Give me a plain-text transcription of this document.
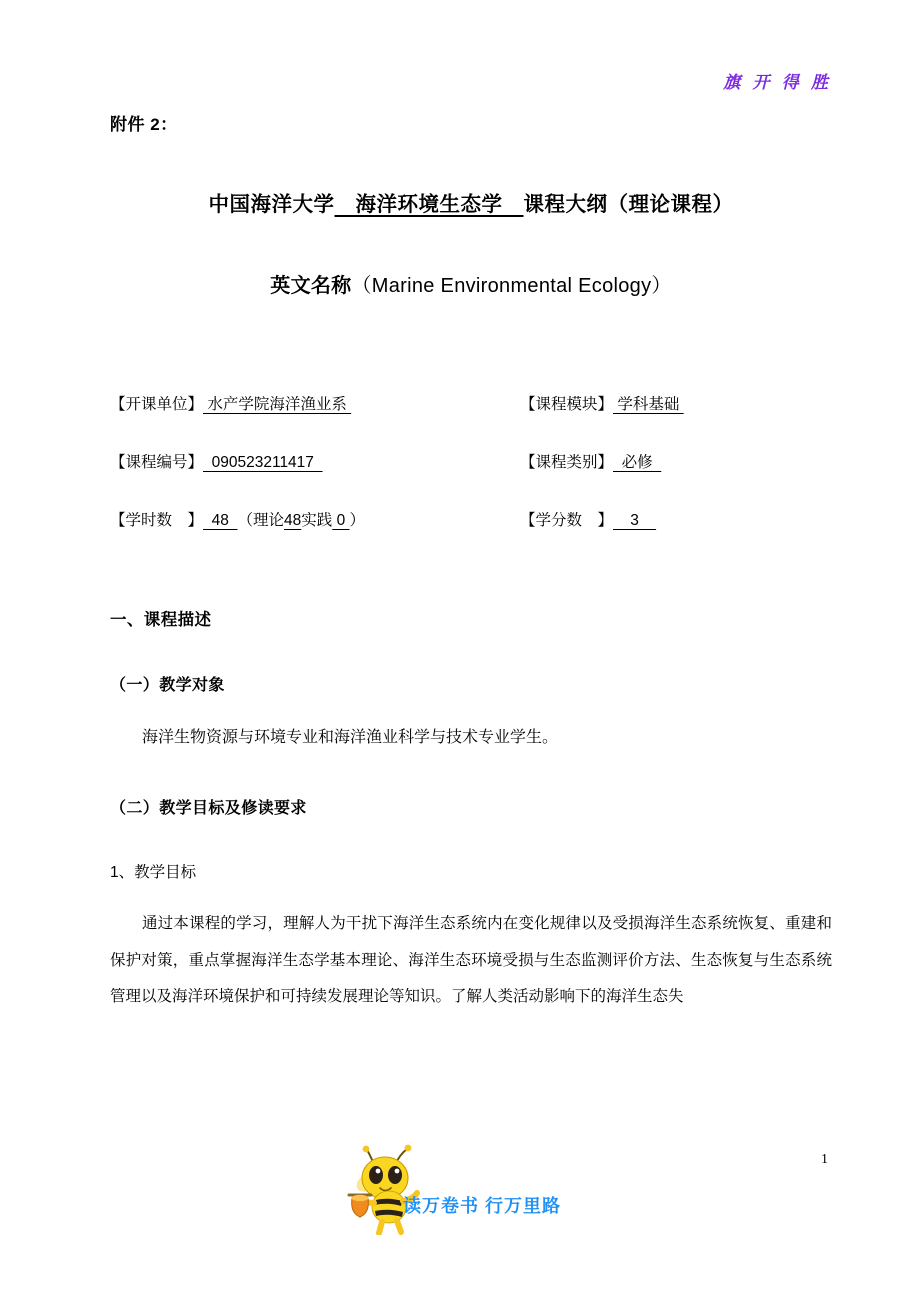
旗 开 得 胜
附件 2：
中国海洋大学　海洋环境生态学　课程大纲（理论课程）
英文名称（Marine Environmental Ecology）
【开课单位】 水产学院海洋渔业系	【课程模块】 学科基础
【课程编号】 090523211417	【课程类别】 必修
【学时数　】 48 （理论 48 实践 0 ）	【学分数　】 3
一、课程描述
（一）教学对象

海洋生物资源与环境专业和海洋渔业科学与技术专业学生。

（二）教学目标及修读要求
1、教学目标

通过本课程的学习，理解人为干扰下海洋生态系统内在变化规律以及受损海洋生态系统恢复、重建和保护对策，重点掌握海洋生态学基本理论、海洋生态环境受损与生态监测评价方法、生态恢复与生态系统管理以及海洋环境保护和可持续发展理论等知识。了解人类活动影响下的海洋生态失

1
读万卷书 行万里路
